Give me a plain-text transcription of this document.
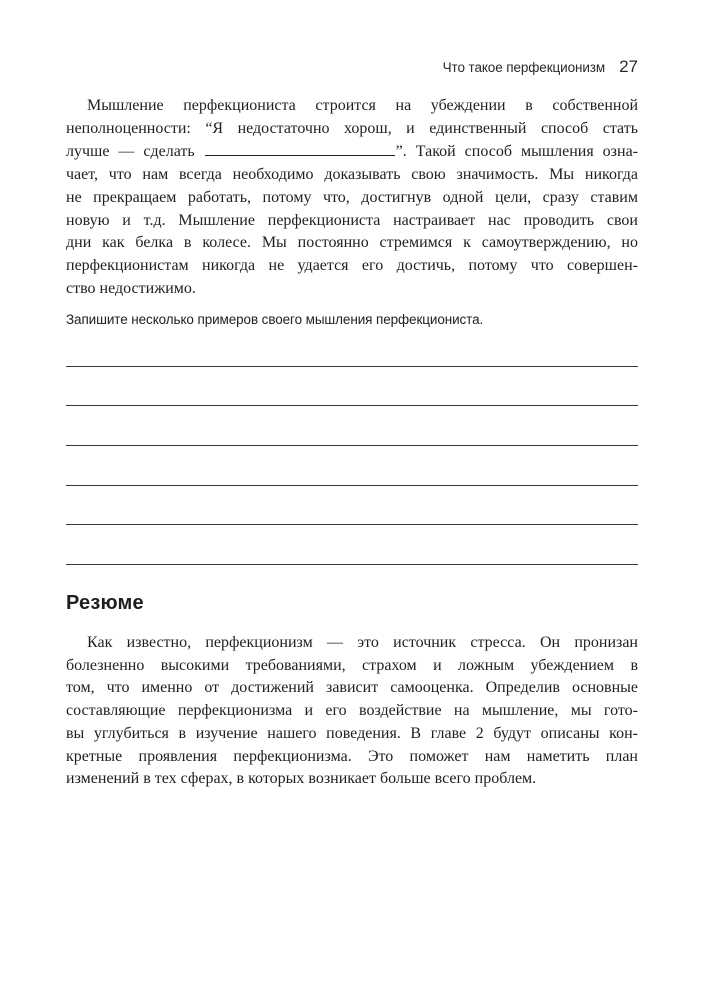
Что такое перфекционизм 27
Мышление перфекциониста строится на убеждении в собственной
неполноценности: “Я недостаточно хорош, и единственный способ стать
лучше — сделать	”. Такой способ мышления озна-
чает, что нам всегда необходимо доказывать свою значимость. Мы никогда
не прекращаем работать, потому что, достигнув одной цели, сразу ставим
новую и т.д. Мышление перфекциониста настраивает нас проводить свои
дни как белка в колесе. Мы постоянно стремимся к самоутверждению, но
перфекционистам никогда не удается его достичь, потому что совершен-
ство недостижимо.
Запишите несколько примеров своего мышления перфекциониста.
Резюме
Как известно, перфекционизм — это источник стресса. Он пронизан
болезненно высокими требованиями, страхом и ложным убеждением в
том, что именно от достижений зависит самооценка. Определив основные
составляющие перфекционизма и его воздействие на мышление, мы гото-
вы углубиться в изучение нашего поведения. В главе 2 будут описаны кон-
кретные проявления перфекционизма. Это поможет нам наметить план
изменений в тех сферах, в которых возникает больше всего проблем.
